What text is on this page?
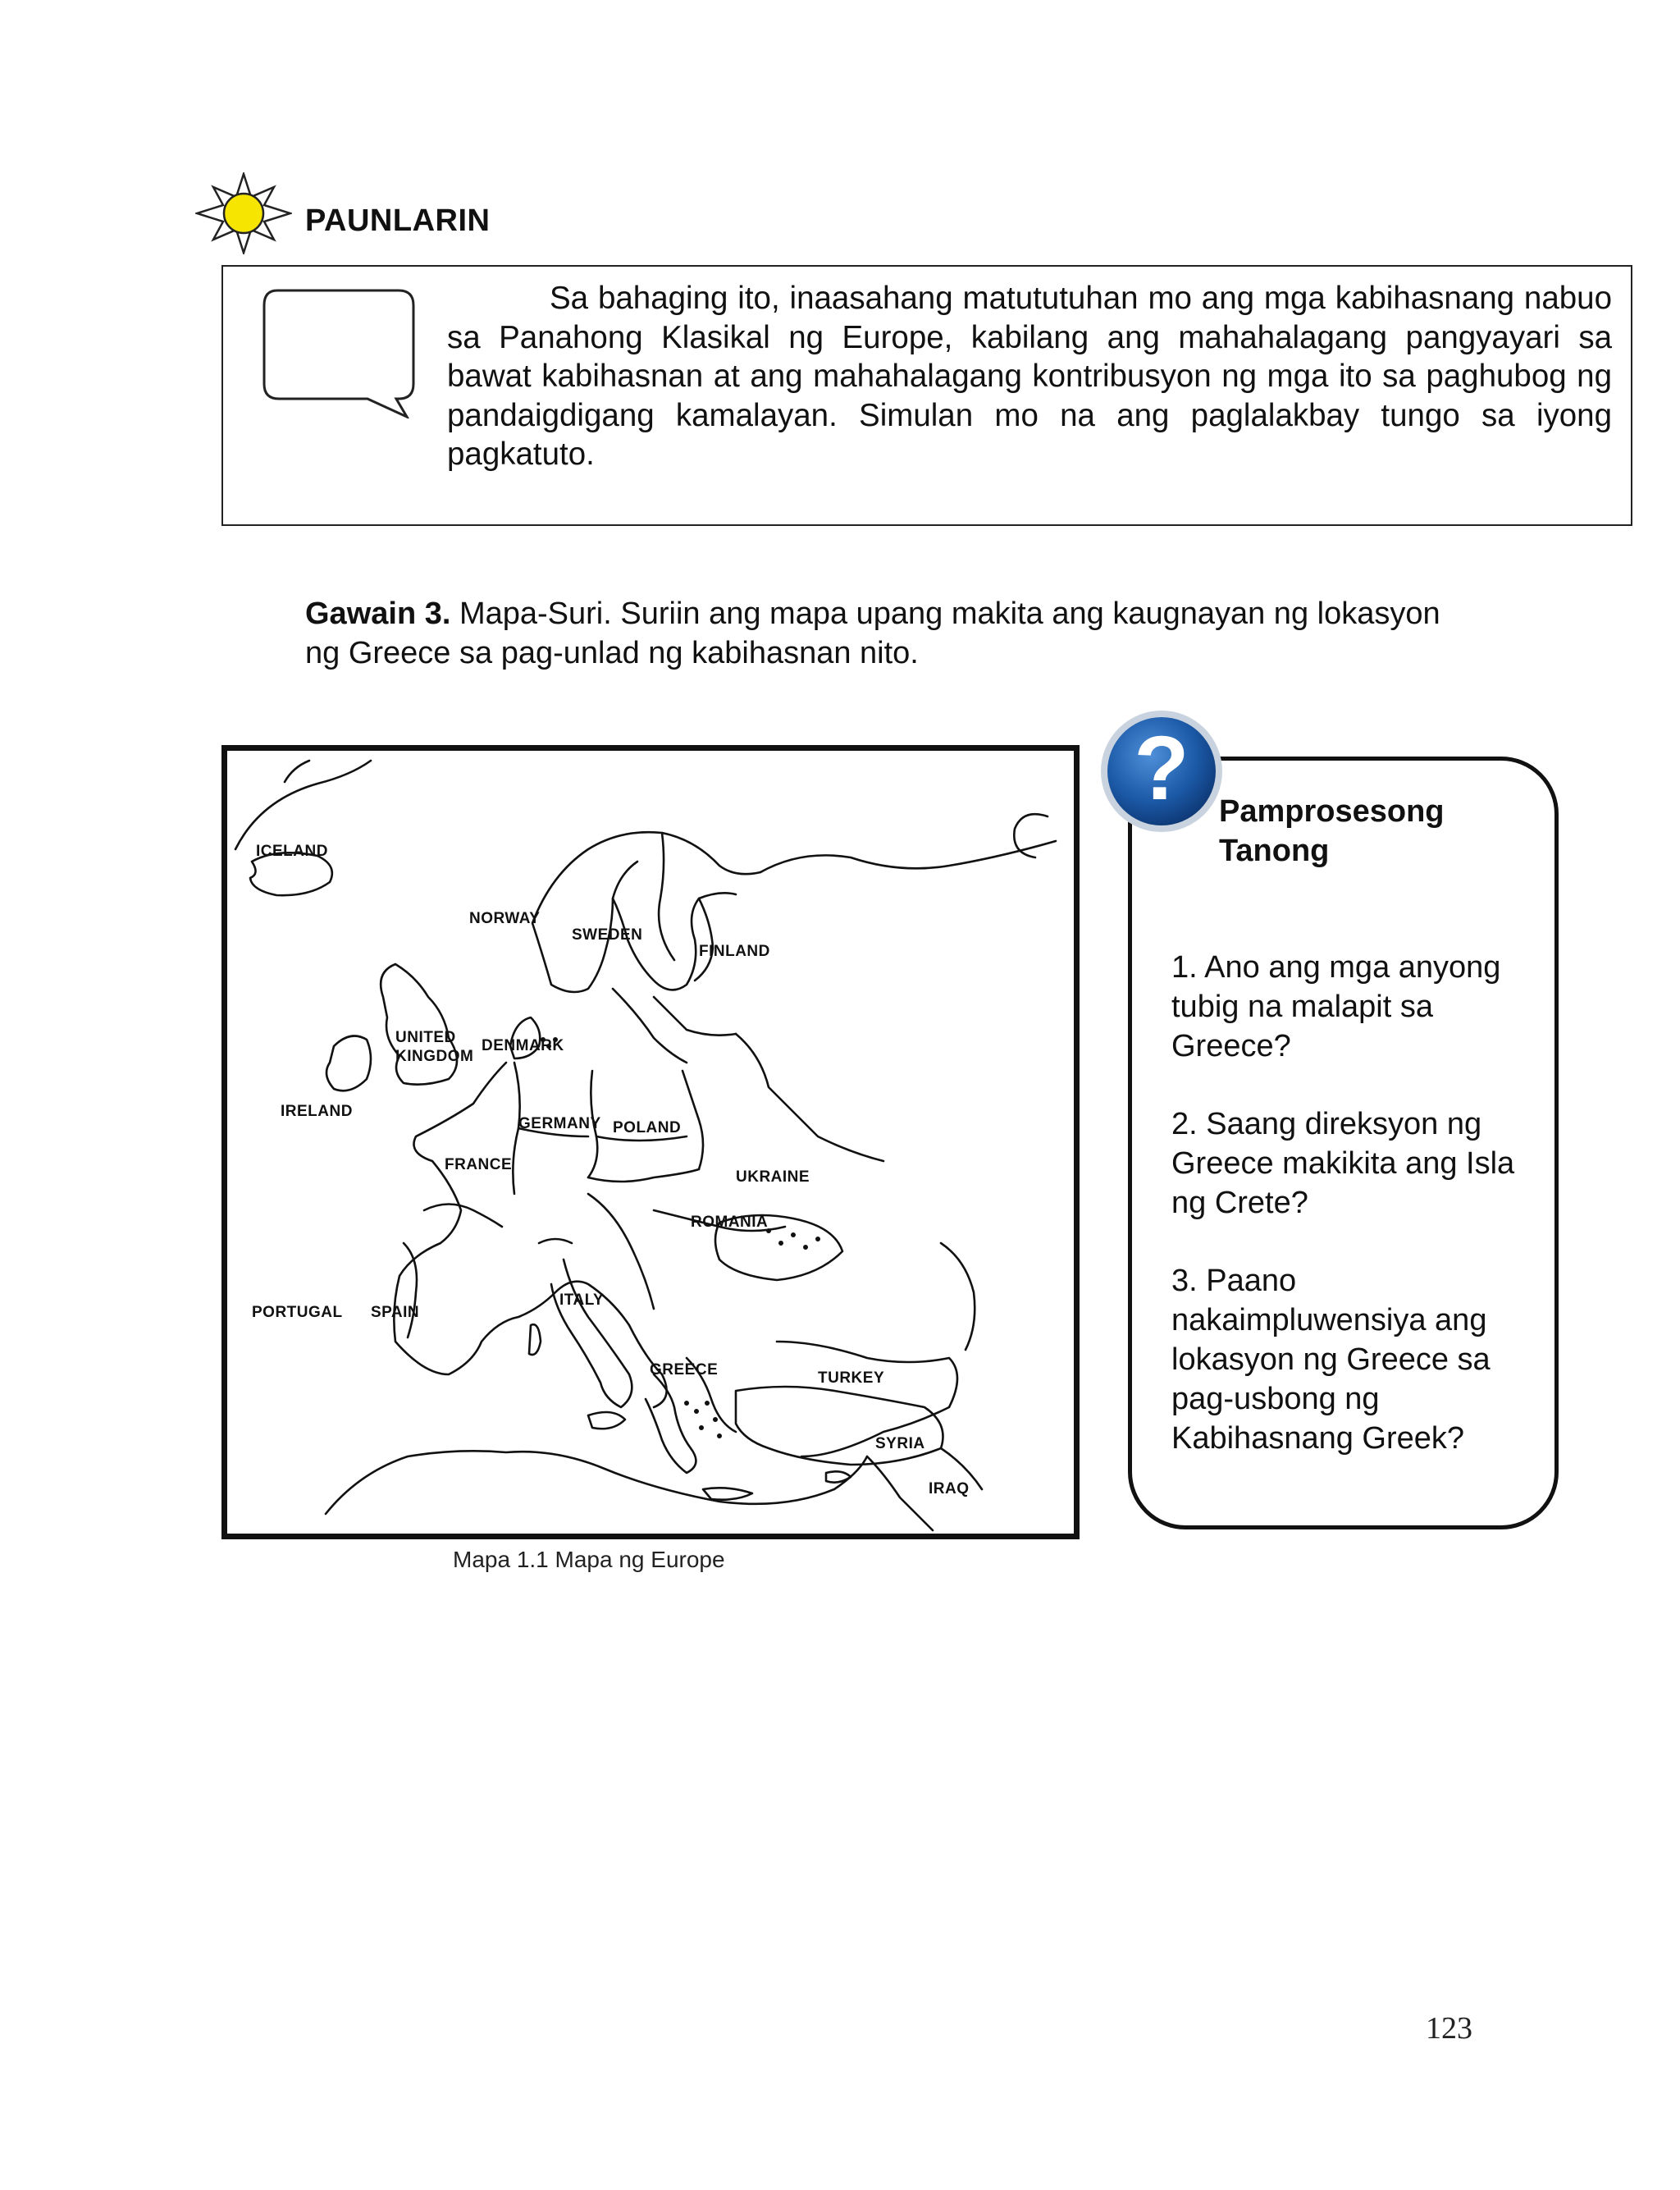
PAUNLARIN
Sa bahaging ito, inaasahang matututuhan mo ang mga kabihasnang nabuo sa Panahong Klasikal ng Europe, kabilang ang mahahalagang pangyayari sa bawat kabihasnan at ang mahahalagang kontribusyon ng mga ito sa paghubog ng pandaigdigang kamalayan. Simulan mo na ang paglalakbay tungo sa iyong pagkatuto.
Gawain 3. Mapa-Suri. Suriin ang mapa upang makita ang kaugnayan ng lokasyon ng Greece sa pag-unlad ng kabihasnan nito.
ICELAND
NORWAY
SWEDEN
FINLAND
UNITED
KINGDOM
DENMARK
IRELAND
GERMANY POLAND
FRANCE
UKRAINE
ROMANIA
PORTUGAL SPAIN
ITALY
GREECE	TURKEY
SYRIA
IRAQ
Mapa 1.1 Mapa ng Europe
? Pamprosesong Tanong
1. Ano ang mga anyong tubig na malapit sa Greece?
2. Saang direksyon ng Greece makikita ang Isla ng Crete?
3. Paano nakaimpluwensiya ang lokasyon ng Greece sa pag-usbong ng Kabihasnang Greek?
123
